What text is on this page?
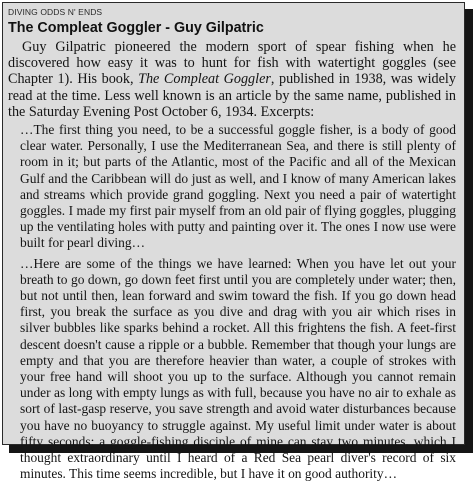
DIVING ODDS N' ENDS
The Compleat Goggler - Guy Gilpatric

Guy Gilpatric pioneered the modern sport of spear fishing when he discovered how easy it was to hunt for fish with watertight goggles (see Chapter 1). His book, The Compleat Goggler, published in 1938, was widely read at the time. Less well known is an article by the same name, published in the Saturday Evening Post October 6, 1934. Excerpts:

…The first thing you need, to be a successful goggle fisher, is a body of good clear water. Personally, I use the Mediterranean Sea, and there is still plenty of room in it; but parts of the Atlantic, most of the Pacific and all of the Mexican Gulf and the Caribbean will do just as well, and I know of many American lakes and streams which provide grand goggling. Next you need a pair of watertight goggles. I made my first pair myself from an old pair of flying goggles, plugging up the ventilating holes with putty and painting over it. The ones I now use were built for pearl diving…

…Here are some of the things we have learned: When you have let out your breath to go down, go down feet first until you are completely under water; then, but not until then, lean forward and swim toward the fish. If you go down head first, you break the surface as you dive and drag with you air which rises in silver bubbles like sparks behind a rocket. All this frightens the fish. A feet-first descent doesn't cause a ripple or a bubble. Remember that though your lungs are empty and that you are therefore heavier than water, a couple of strokes with your free hand will shoot you up to the surface. Although you cannot remain under as long with empty lungs as with full, because you have no air to exhale as sort of last-gasp reserve, you save strength and avoid water disturbances because you have no buoyancy to struggle against. My useful limit under water is about fifty seconds; a goggle-fishing disciple of mine can stay two minutes, which I thought extraordinary until I heard of a Red Sea pearl diver's record of six minutes. This time seems incredible, but I have it on good authority…
